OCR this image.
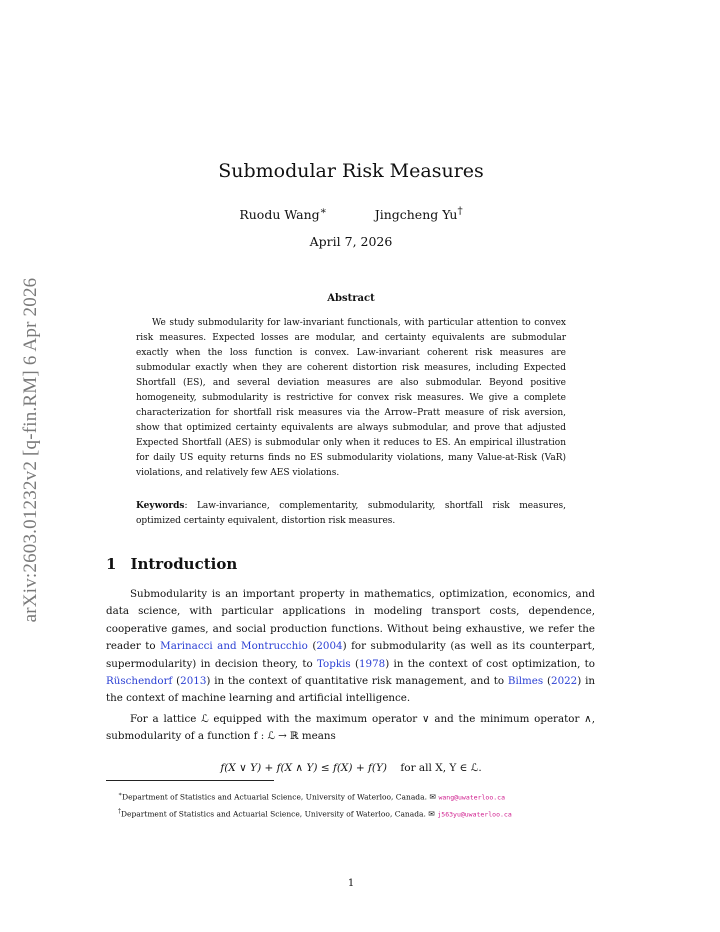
arXiv:2603.01232v2 [q-fin.RM] 6 Apr 2026
Submodular Risk Measures
Ruodu Wang∗	Jingcheng Yu†
April 7, 2026
Abstract
We study submodularity for law-invariant functionals, with particular attention to convex risk measures. Expected losses are modular, and certainty equivalents are submodular exactly when the loss function is convex. Law-invariant coherent risk measures are submodular exactly when they are coherent distortion risk measures, including Expected Shortfall (ES), and several deviation measures are also submodular. Beyond positive homogeneity, submodularity is restrictive for convex risk measures. We give a complete characterization for shortfall risk measures via the Arrow–Pratt measure of risk aversion, show that optimized certainty equivalents are always submodular, and prove that adjusted Expected Shortfall (AES) is submodular only when it reduces to ES. An empirical illustration for daily US equity returns finds no ES submodularity violations, many Value-at-Risk (VaR) violations, and relatively few AES violations.
Keywords: Law-invariance, complementarity, submodularity, shortfall risk measures, optimized certainty equivalent, distortion risk measures.
1 Introduction
Submodularity is an important property in mathematics, optimization, economics, and data science, with particular applications in modeling transport costs, dependence, cooperative games, and social production functions. Without being exhaustive, we refer the reader to Marinacci and Montrucchio (2004) for submodularity (as well as its counterpart, supermodularity) in decision theory, to Topkis (1978) in the context of cost optimization, to Rüschendorf (2013) in the context of quantitative risk management, and to Bilmes (2022) in the context of machine learning and artificial intelligence.
For a lattice ℒ equipped with the maximum operator ∨ and the minimum operator ∧, submodularity of a function f : ℒ → ℝ means
f(X ∨ Y) + f(X ∧ Y) ≤ f(X) + f(Y) for all X, Y ∈ ℒ.
∗Department of Statistics and Actuarial Science, University of Waterloo, Canada. ✉ wang@uwaterloo.ca
†Department of Statistics and Actuarial Science, University of Waterloo, Canada. ✉ j563yu@uwaterloo.ca
1
